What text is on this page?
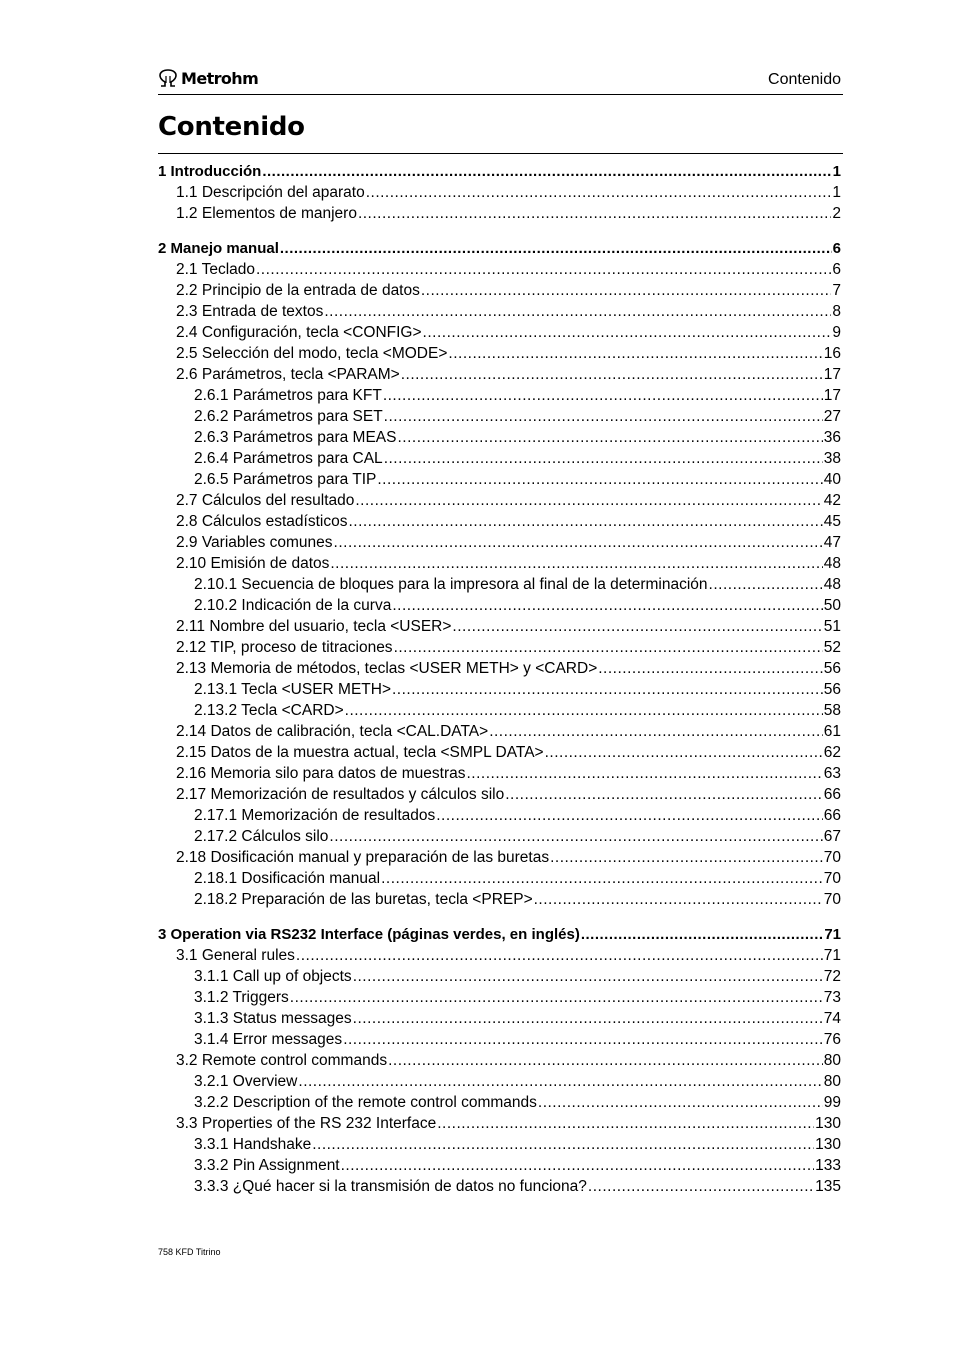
Metrohm	Contenido
Contenido
1 Introducción .....	1
1.1 Descripción del aparato .....	1
1.2 Elementos de manjero .....	2
2 Manejo manual .....	6
2.1 Teclado .....	6
2.2 Principio de la entrada de datos .....	7
2.3 Entrada de textos .....	8
2.4 Configuración, tecla <CONFIG> .....	9
2.5 Selección del modo, tecla <MODE> .....	16
2.6 Parámetros, tecla <PARAM> .....	17
2.6.1 Parámetros para KFT .....	17
2.6.2 Parámetros para SET .....	27
2.6.3 Parámetros para MEAS .....	36
2.6.4 Parámetros para CAL .....	38
2.6.5 Parámetros para TIP .....	40
2.7 Cálculos del resultado .....	42
2.8 Cálculos estadísticos .....	45
2.9 Variables comunes .....	47
2.10 Emisión de datos .....	48
2.10.1 Secuencia de bloques para la impresora al final de la determinación .....	48
2.10.2 Indicación de la curva .....	50
2.11 Nombre del usuario, tecla <USER> .....	51
2.12 TIP, proceso de titraciones .....	52
2.13 Memoria de métodos, teclas <USER METH> y <CARD> .....	56
2.13.1 Tecla <USER METH> .....	56
2.13.2 Tecla <CARD> .....	58
2.14 Datos de calibración, tecla <CAL.DATA> .....	61
2.15 Datos de la muestra actual, tecla <SMPL DATA> .....	62
2.16 Memoria silo para datos de muestras .....	63
2.17 Memorización de resultados y cálculos silo .....	66
2.17.1 Memorización de resultados .....	66
2.17.2 Cálculos silo .....	67
2.18 Dosificación manual y preparación de las buretas .....	70
2.18.1 Dosificación manual .....	70
2.18.2 Preparación de las buretas, tecla <PREP> .....	70
3 Operation via RS232 Interface (páginas verdes, en inglés) .....	71
3.1 General rules .....	71
3.1.1 Call up of objects .....	72
3.1.2 Triggers .....	73
3.1.3 Status messages .....	74
3.1.4 Error messages .....	76
3.2 Remote control commands .....	80
3.2.1 Overview .....	80
3.2.2 Description of the remote control commands .....	99
3.3 Properties of the RS 232 Interface .....	130
3.3.1 Handshake .....	130
3.3.2 Pin Assignment .....	133
3.3.3 ¿Qué hacer si la transmisión de datos no funciona? .....	135
758 KFD Titrino
